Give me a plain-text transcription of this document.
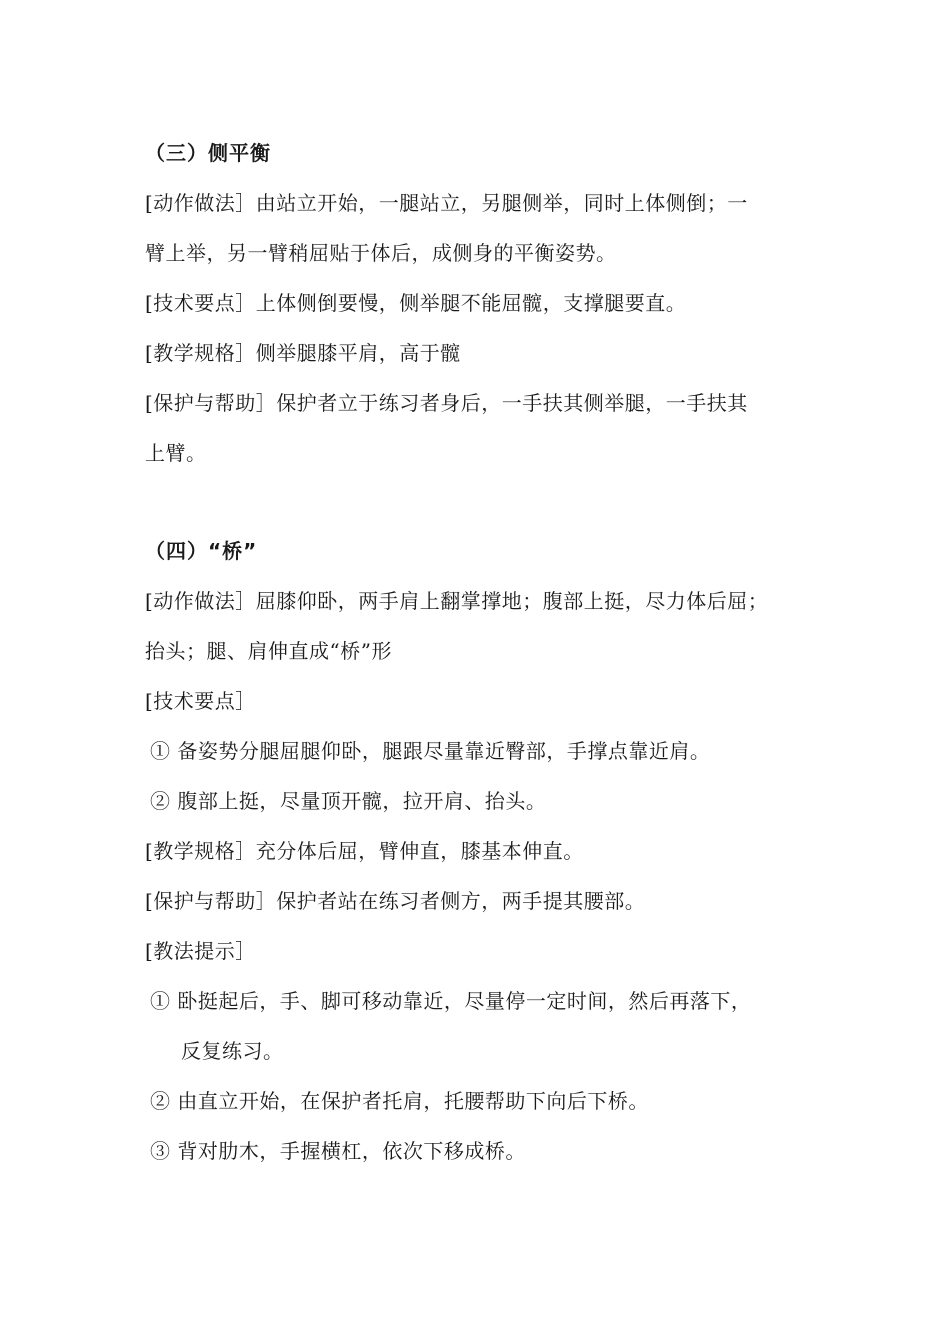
（三）侧平衡
[动作做法］由站立开始，一腿站立，另腿侧举，同时上体侧倒；一
臂上举，另一臂稍屈贴于体后，成侧身的平衡姿势。
[技术要点］上体侧倒要慢，侧举腿不能屈髋，支撑腿要直。
[教学规格］侧举腿膝平肩，高于髋
[保护与帮助］保护者立于练习者身后，一手扶其侧举腿，一手扶其
上臂。
（四）“桥”
[动作做法］屈膝仰卧，两手肩上翻掌撑地；腹部上挺，尽力体后屈；
抬头；腿、肩伸直成“桥”形
[技术要点］
① 备姿势分腿屈腿仰卧，腿跟尽量靠近臀部，手撑点靠近肩。
② 腹部上挺，尽量顶开髋，拉开肩、抬头。
[教学规格］充分体后屈，臂伸直，膝基本伸直。
[保护与帮助］保护者站在练习者侧方，两手提其腰部。
[教法提示］
① 卧挺起后，手、脚可移动靠近，尽量停一定时间，然后再落下，
反复练习。
② 由直立开始，在保护者托肩，托腰帮助下向后下桥。
③ 背对肋木，手握横杠，依次下移成桥。
